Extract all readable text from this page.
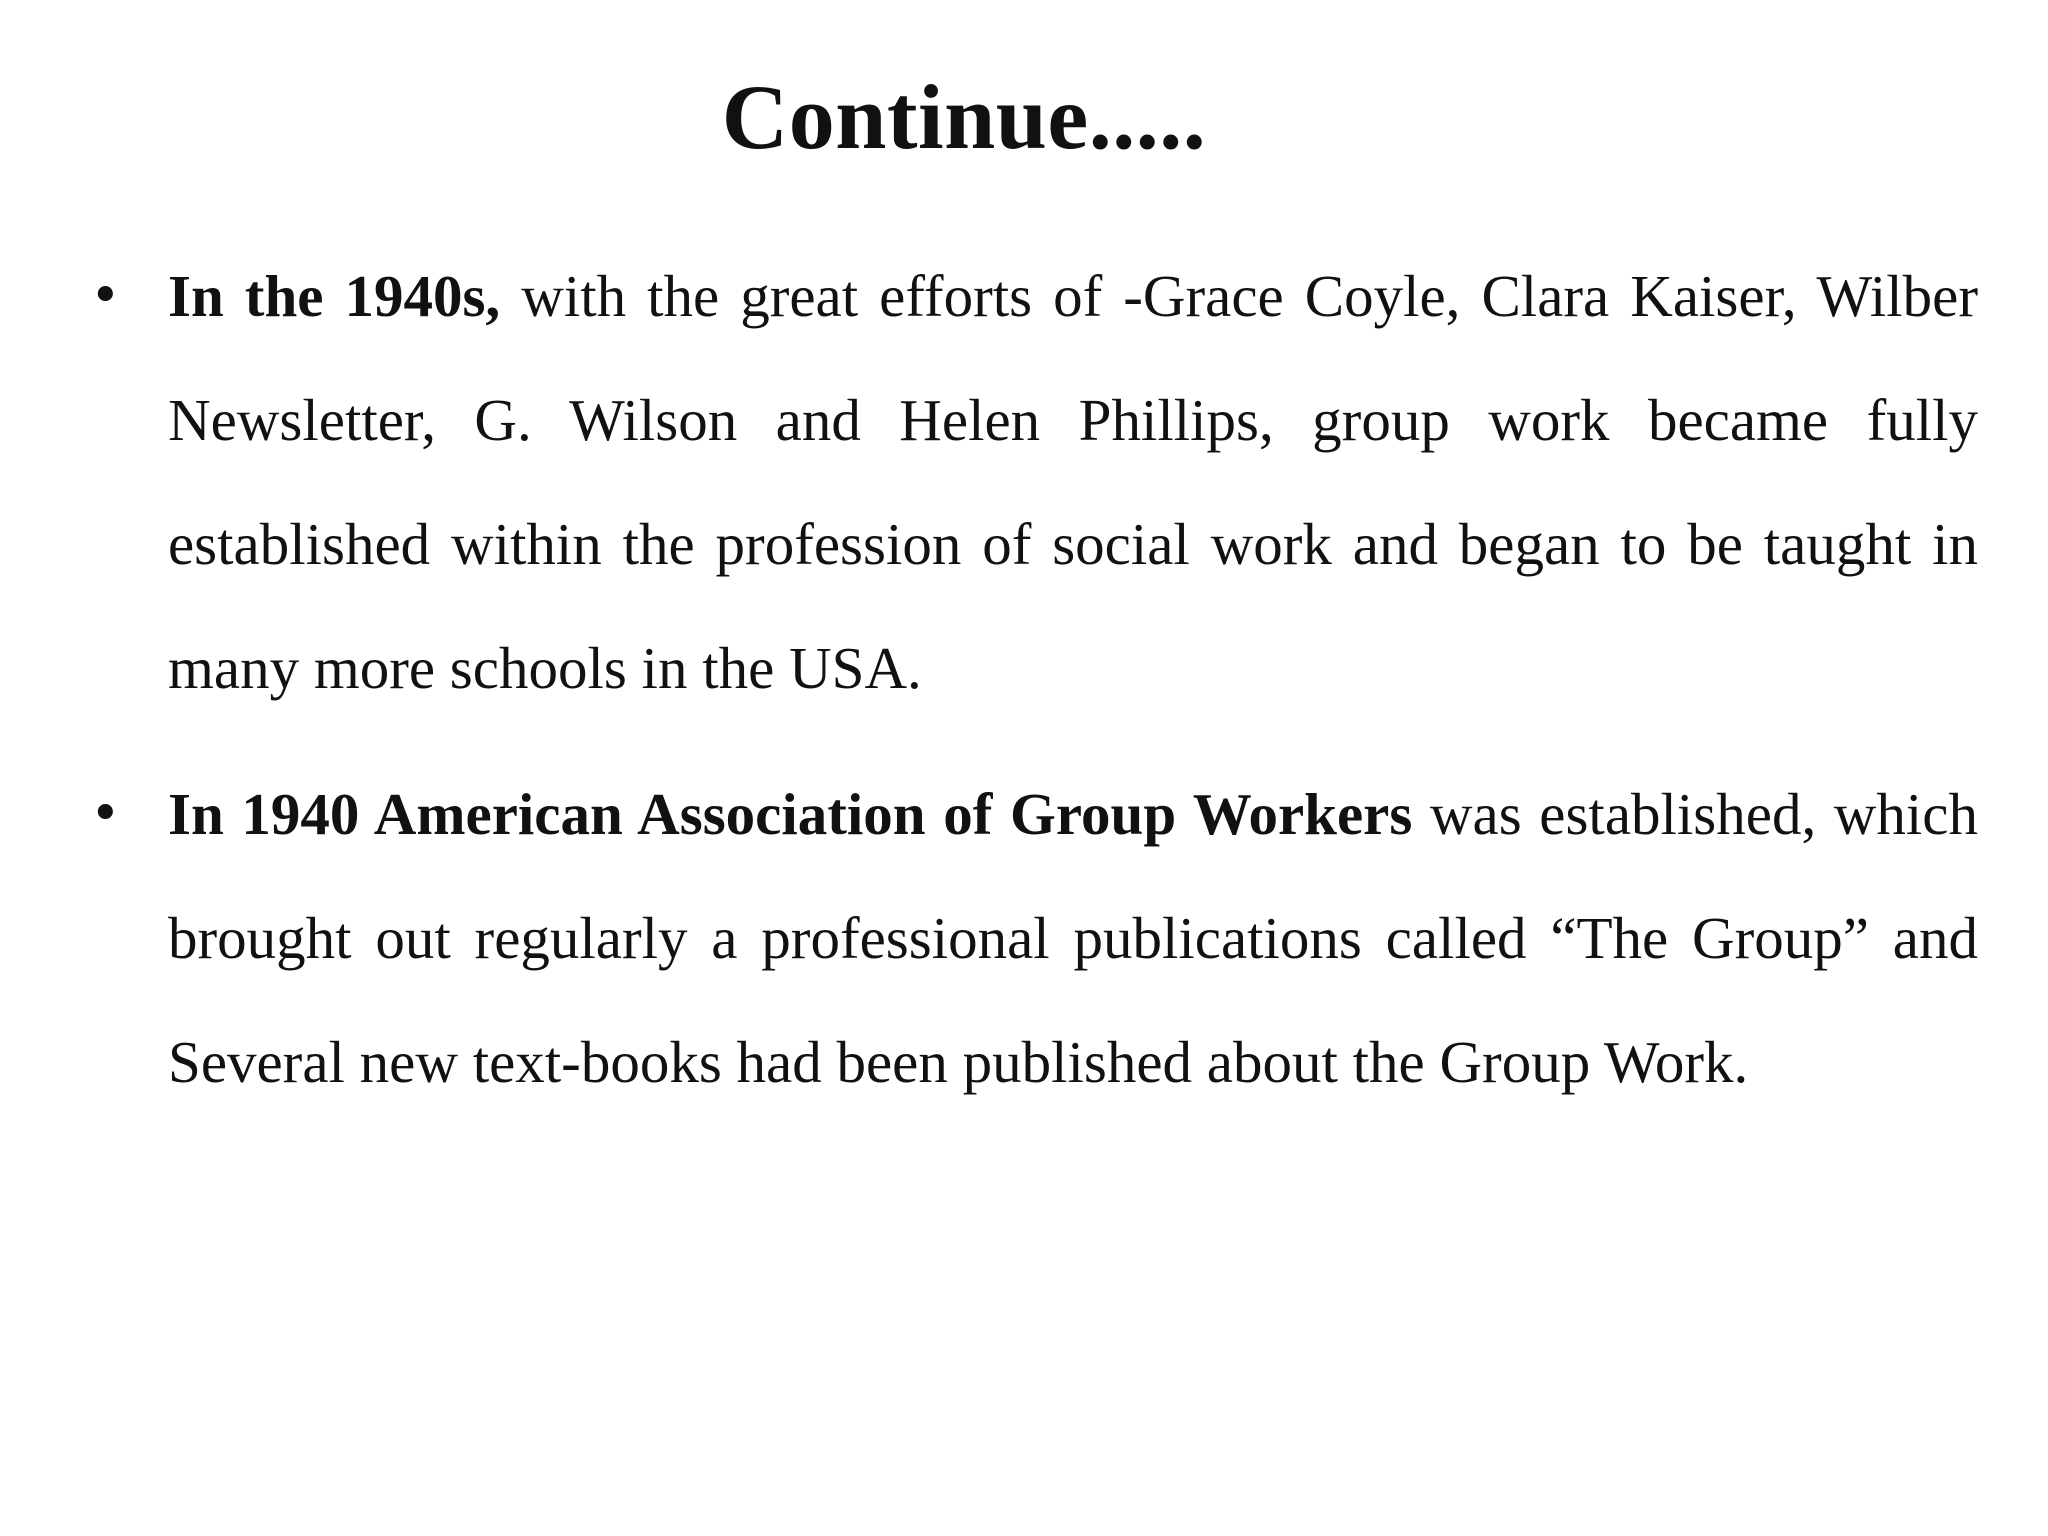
Continue.....
• In the 1940s, with the great efforts of -Grace Coyle, Clara Kaiser, Wilber Newsletter, G. Wilson and Helen Phillips, group work became fully established within the profession of social work and began to be taught in many more schools in the USA.
• In 1940 American Association of Group Workers was established, which brought out regularly a professional publications called “The Group” and Several new text-books had been published about the Group Work.
